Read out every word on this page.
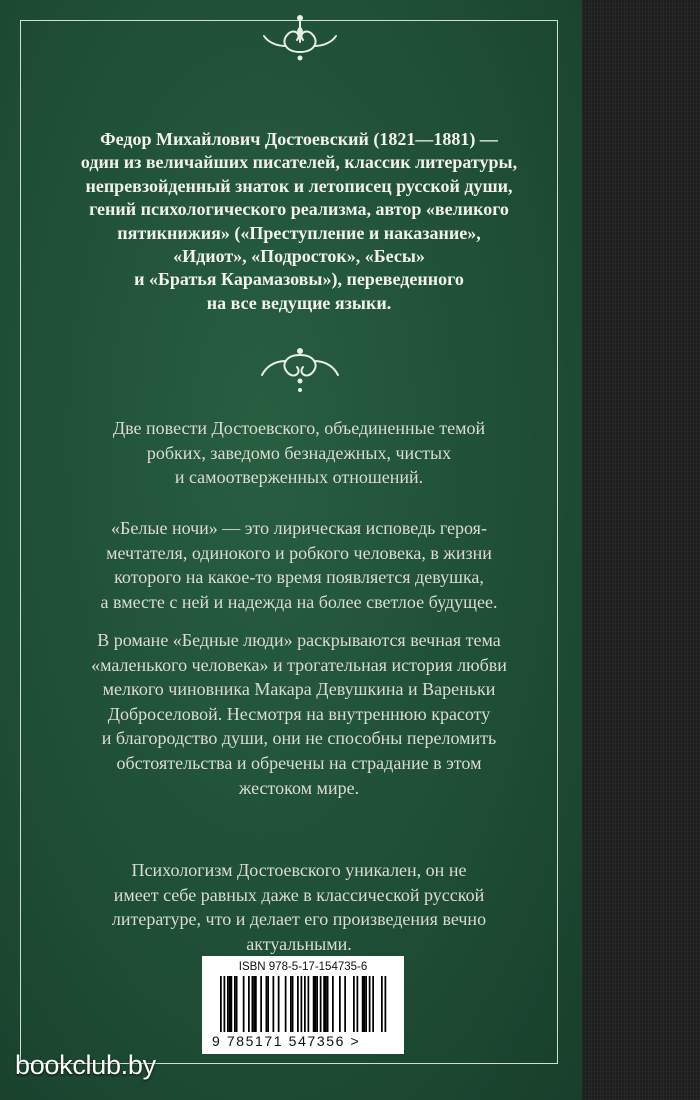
Федор Михайлович Достоевский (1821—1881) —
один из величайших писателей, классик литературы,
непревзойденный знаток и летописец русской души,
гений психологического реализма, автор «великого
пятикнижия» («Преступление и наказание»,
«Идиот», «Подросток», «Бесы»
и «Братья Карамазовы»), переведенного
на все ведущие языки.
Две повести Достоевского, объединенные темой
робких, заведомо безнадежных, чистых
и самоотверженных отношений.
«Белые ночи» — это лирическая исповедь героя-
мечтателя, одинокого и робкого человека, в жизни
которого на какое-то время появляется девушка,
а вместе с ней и надежда на более светлое будущее.
В романе «Бедные люди» раскрываются вечная тема
«маленького человека» и трогательная история любви
мелкого чиновника Макара Девушкина и Вареньки
Доброселовой. Несмотря на внутреннюю красоту
и благородство души, они не способны переломить
обстоятельства и обречены на страдание в этом
жестоком мире.
Психологизм Достоевского уникален, он не
имеет себе равных даже в классической русской
литературе, что и делает его произведения вечно
актуальными.
ISBN 978-5-17-154735-6
9 785171 547356 >
bookclub.by
